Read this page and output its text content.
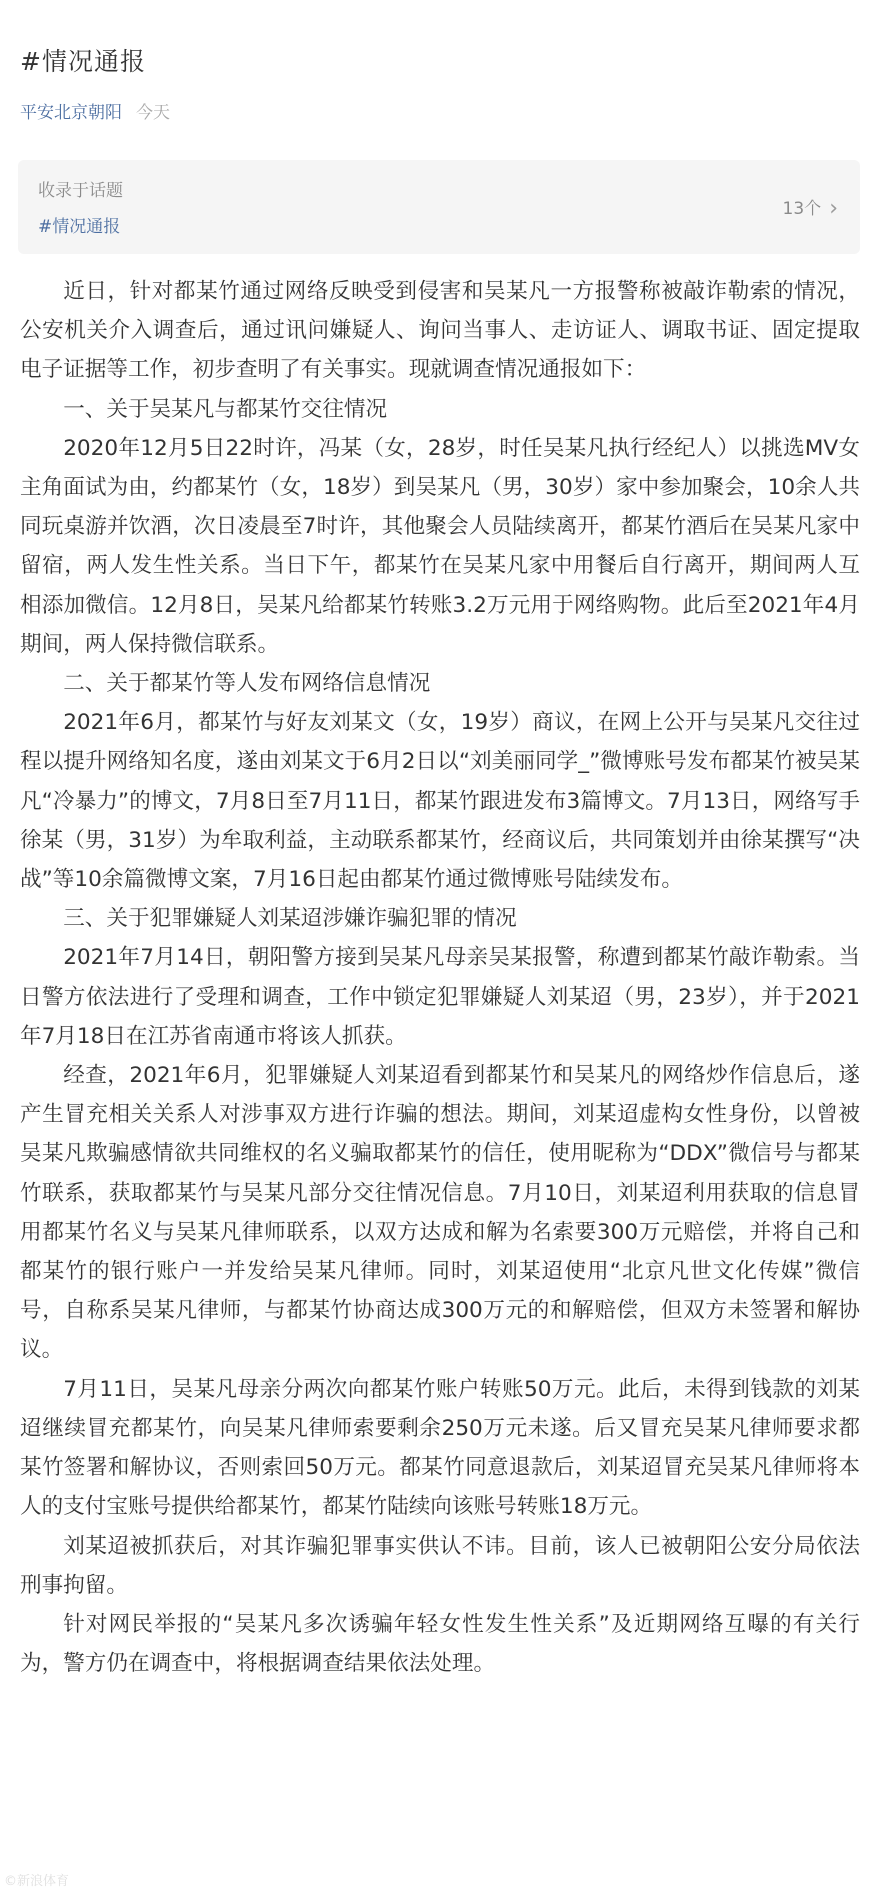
#情况通报
平安北京朝阳 今天
收录于话题
#情况通报
13个 ›

近日，针对都某竹通过网络反映受到侵害和吴某凡一方报警称被敲诈勒索的情况，公安机关介入调查后，通过讯问嫌疑人、询问当事人、走访证人、调取书证、固定提取电子证据等工作，初步查明了有关事实。现就调查情况通报如下：

一、关于吴某凡与都某竹交往情况

2020年12月5日22时许，冯某（女，28岁，时任吴某凡执行经纪人）以挑选MV女主角面试为由，约都某竹（女，18岁）到吴某凡（男，30岁）家中参加聚会，10余人共同玩桌游并饮酒，次日凌晨至7时许，其他聚会人员陆续离开，都某竹酒后在吴某凡家中留宿，两人发生性关系。当日下午，都某竹在吴某凡家中用餐后自行离开，期间两人互相添加微信。12月8日，吴某凡给都某竹转账3.2万元用于网络购物。此后至2021年4月期间，两人保持微信联系。

二、关于都某竹等人发布网络信息情况

2021年6月，都某竹与好友刘某文（女，19岁）商议，在网上公开与吴某凡交往过程以提升网络知名度，遂由刘某文于6月2日以“刘美丽同学_”微博账号发布都某竹被吴某凡“冷暴力”的博文，7月8日至7月11日，都某竹跟进发布3篇博文。7月13日，网络写手徐某（男，31岁）为牟取利益，主动联系都某竹，经商议后，共同策划并由徐某撰写“决战”等10余篇微博文案，7月16日起由都某竹通过微博账号陆续发布。

三、关于犯罪嫌疑人刘某迢涉嫌诈骗犯罪的情况

2021年7月14日，朝阳警方接到吴某凡母亲吴某报警，称遭到都某竹敲诈勒索。当日警方依法进行了受理和调查，工作中锁定犯罪嫌疑人刘某迢（男，23岁），并于2021年7月18日在江苏省南通市将该人抓获。

经查，2021年6月，犯罪嫌疑人刘某迢看到都某竹和吴某凡的网络炒作信息后，遂产生冒充相关关系人对涉事双方进行诈骗的想法。期间，刘某迢虚构女性身份，以曾被吴某凡欺骗感情欲共同维权的名义骗取都某竹的信任，使用昵称为“DDX”微信号与都某竹联系，获取都某竹与吴某凡部分交往情况信息。7月10日，刘某迢利用获取的信息冒用都某竹名义与吴某凡律师联系，以双方达成和解为名索要300万元赔偿，并将自己和都某竹的银行账户一并发给吴某凡律师。同时，刘某迢使用“北京凡世文化传媒”微信号，自称系吴某凡律师，与都某竹协商达成300万元的和解赔偿，但双方未签署和解协议。

7月11日，吴某凡母亲分两次向都某竹账户转账50万元。此后，未得到钱款的刘某迢继续冒充都某竹，向吴某凡律师索要剩余250万元未遂。后又冒充吴某凡律师要求都某竹签署和解协议，否则索回50万元。都某竹同意退款后，刘某迢冒充吴某凡律师将本人的支付宝账号提供给都某竹，都某竹陆续向该账号转账18万元。

刘某迢被抓获后，对其诈骗犯罪事实供认不讳。目前，该人已被朝阳公安分局依法刑事拘留。

针对网民举报的“吴某凡多次诱骗年轻女性发生性关系”及近期网络互曝的有关行为，警方仍在调查中，将根据调查结果依法处理。

©新浪体育
